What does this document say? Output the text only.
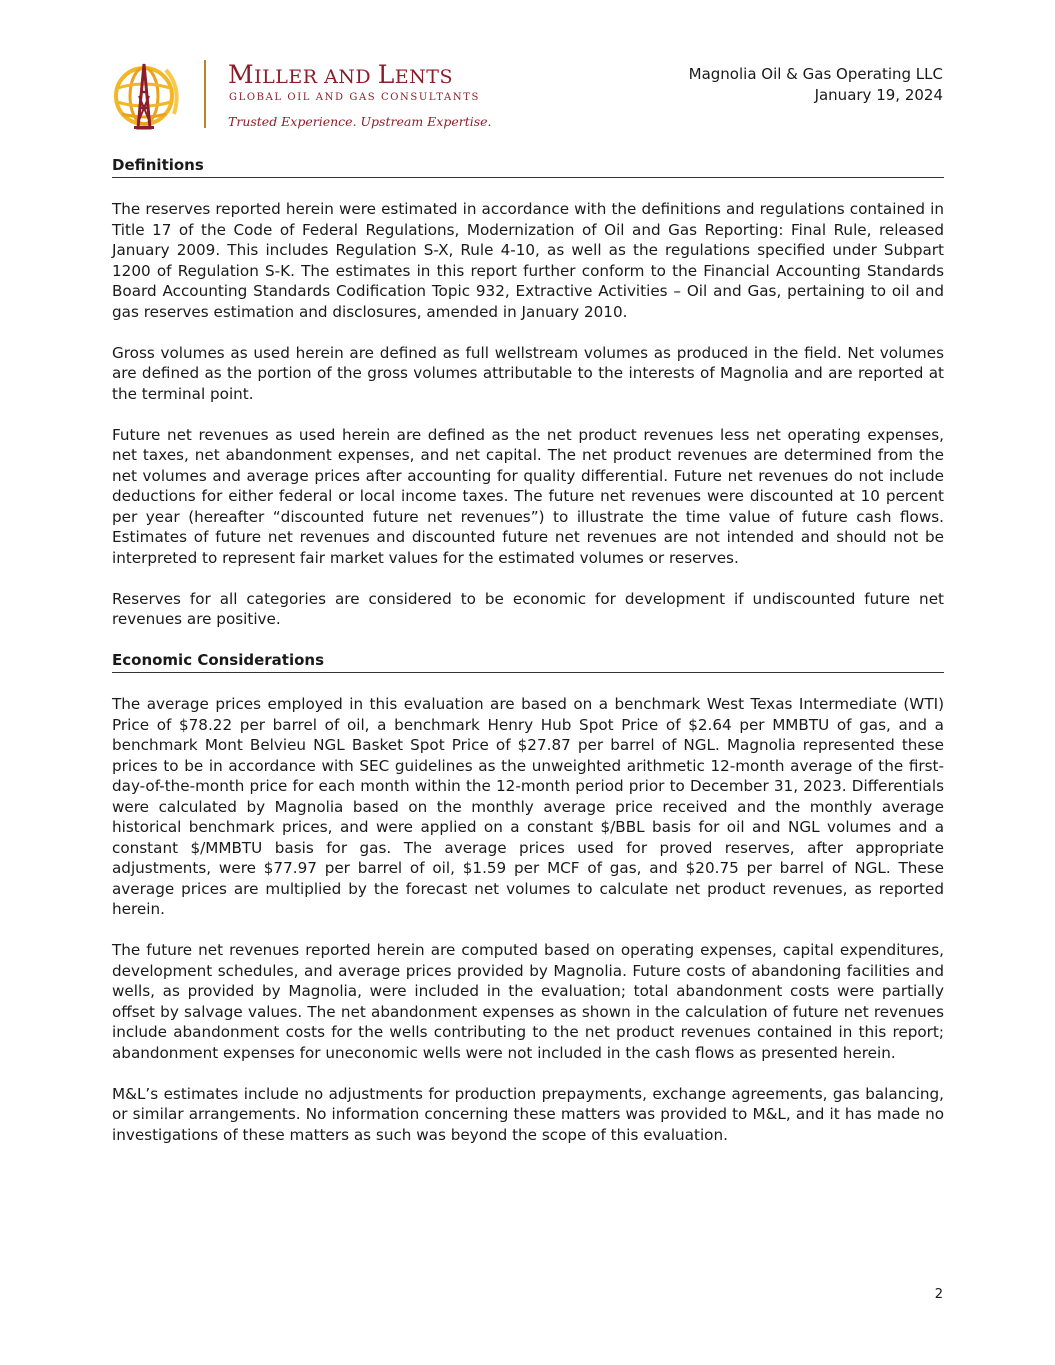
MILLER AND LENTS
GLOBAL OIL AND GAS CONSULTANTS
Trusted Experience. Upstream Expertise.
Magnolia Oil & Gas Operating LLC
January 19, 2024
Definitions

The reserves reported herein were estimated in accordance with the definitions and regulations contained in Title 17 of the Code of Federal Regulations, Modernization of Oil and Gas Reporting: Final Rule, released January 2009. This includes Regulation S-X, Rule 4-10, as well as the regulations specified under Subpart 1200 of Regulation S-K. The estimates in this report further conform to the Financial Accounting Standards Board Accounting Standards Codification Topic 932, Extractive Activities – Oil and Gas, pertaining to oil and gas reserves estimation and disclosures, amended in January 2010.

Gross volumes as used herein are defined as full wellstream volumes as produced in the field. Net volumes are defined as the portion of the gross volumes attributable to the interests of Magnolia and are reported at the terminal point.

Future net revenues as used herein are defined as the net product revenues less net operating expenses, net taxes, net abandonment expenses, and net capital. The net product revenues are determined from the net volumes and average prices after accounting for quality differential. Future net revenues do not include deductions for either federal or local income taxes. The future net revenues were discounted at 10 percent per year (hereafter “discounted future net revenues”) to illustrate the time value of future cash flows. Estimates of future net revenues and discounted future net revenues are not intended and should not be interpreted to represent fair market values for the estimated volumes or reserves.

Reserves for all categories are considered to be economic for development if undiscounted future net revenues are positive.

Economic Considerations

The average prices employed in this evaluation are based on a benchmark West Texas Intermediate (WTI) Price of $78.22 per barrel of oil, a benchmark Henry Hub Spot Price of $2.64 per MMBTU of gas, and a benchmark Mont Belvieu NGL Basket Spot Price of $27.87 per barrel of NGL. Magnolia represented these prices to be in accordance with SEC guidelines as the unweighted arithmetic 12-month average of the first-day-of-the-month price for each month within the 12-month period prior to December 31, 2023. Differentials were calculated by Magnolia based on the monthly average price received and the monthly average historical benchmark prices, and were applied on a constant $/BBL basis for oil and NGL volumes and a constant $/MMBTU basis for gas. The average prices used for proved reserves, after appropriate adjustments, were $77.97 per barrel of oil, $1.59 per MCF of gas, and $20.75 per barrel of NGL. These average prices are multiplied by the forecast net volumes to calculate net product revenues, as reported herein.

The future net revenues reported herein are computed based on operating expenses, capital expenditures, development schedules, and average prices provided by Magnolia. Future costs of abandoning facilities and wells, as provided by Magnolia, were included in the evaluation; total abandonment costs were partially offset by salvage values. The net abandonment expenses as shown in the calculation of future net revenues include abandonment costs for the wells contributing to the net product revenues contained in this report; abandonment expenses for uneconomic wells were not included in the cash flows as presented herein.

M&L’s estimates include no adjustments for production prepayments, exchange agreements, gas balancing, or similar arrangements. No information concerning these matters was provided to M&L, and it has made no investigations of these matters as such was beyond the scope of this evaluation.

2
